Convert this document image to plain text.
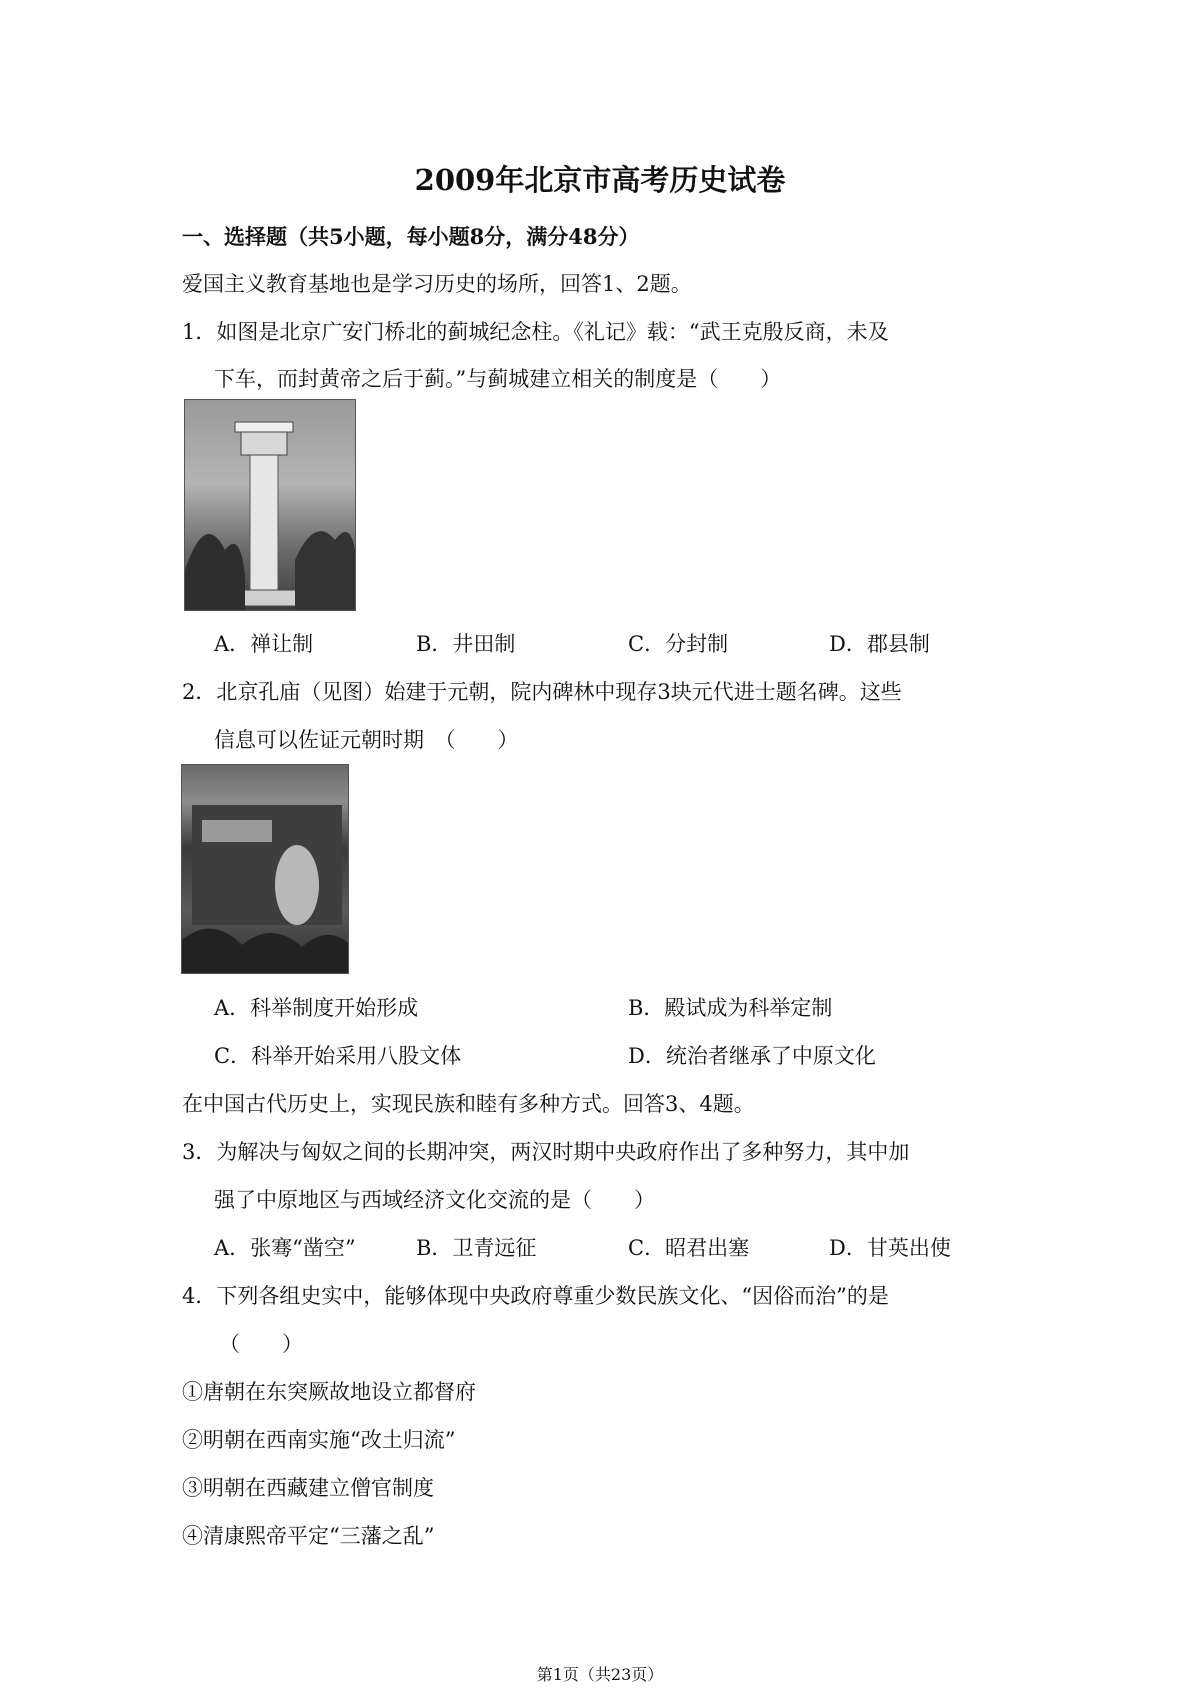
2009年北京市高考历史试卷
一、选择题（共5小题，每小题8分，满分48分）
爱国主义教育基地也是学习历史的场所，回答1、2题。
1．如图是北京广安门桥北的蓟城纪念柱。《礼记》载：“武王克殷反商，未及
下车，而封黄帝之后于蓟。”与蓟城建立相关的制度是（　　）
A．禅让制	B．井田制	C．分封制	D．郡县制
2．北京孔庙（见图）始建于元朝，院内碑林中现存3块元代进士题名碑。这些
信息可以佐证元朝时期　（　　）
A．科举制度开始形成	B．殿试成为科举定制
C．科举开始采用八股文体	D．统治者继承了中原文化
在中国古代历史上，实现民族和睦有多种方式。回答3、4题。
3．为解决与匈奴之间的长期冲突，两汉时期中央政府作出了多种努力，其中加
强了中原地区与西域经济文化交流的是（　　）
A．张骞“凿空”	B．卫青远征	C．昭君出塞	D．甘英出使
4．下列各组史实中，能够体现中央政府尊重少数民族文化、“因俗而治”的是
（　　）
①唐朝在东突厥故地设立都督府
②明朝在西南实施“改土归流”
③明朝在西藏建立僧官制度
④清康熙帝平定“三藩之乱”
第1页（共23页）
